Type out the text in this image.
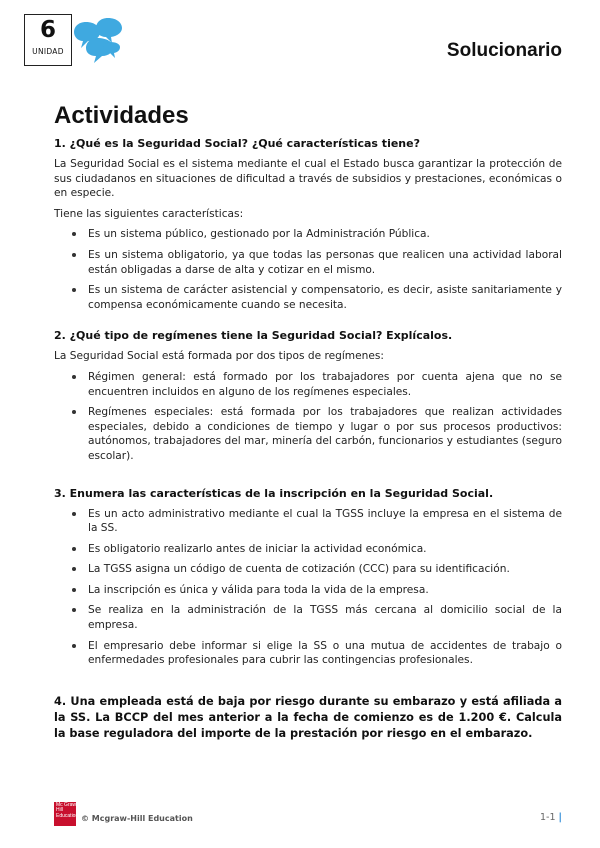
6
UNIDAD	Solucionario
Actividades
1. ¿Qué es la Seguridad Social? ¿Qué características tiene?

La Seguridad Social es el sistema mediante el cual el Estado busca garantizar la protección de sus ciudadanos en situaciones de dificultad a través de subsidios y prestaciones, económicas o en especie.

Tiene las siguientes características:

Es un sistema público, gestionado por la Administración Pública.
Es un sistema obligatorio, ya que todas las personas que realicen una actividad laboral están obligadas a darse de alta y cotizar en el mismo.
Es un sistema de carácter asistencial y compensatorio, es decir, asiste sanitariamente y compensa económicamente cuando se necesita.
2. ¿Qué tipo de regímenes tiene la Seguridad Social? Explícalos.

La Seguridad Social está formada por dos tipos de regímenes:

Régimen general: está formado por los trabajadores por cuenta ajena que no se encuentren incluidos en alguno de los regímenes especiales.
Regímenes especiales: está formada por los trabajadores que realizan actividades especiales, debido a condiciones de tiempo y lugar o por sus procesos productivos: autónomos, trabajadores del mar, minería del carbón, funcionarios y estudiantes (seguro escolar).
3. Enumera las características de la inscripción en la Seguridad Social.
Es un acto administrativo mediante el cual la TGSS incluye la empresa en el sistema de la SS.
Es obligatorio realizarlo antes de iniciar la actividad económica.
La TGSS asigna un código de cuenta de cotización (CCC) para su identificación.
La inscripción es única y válida para toda la vida de la empresa.
Se realiza en la administración de la TGSS más cercana al domicilio social de la empresa.
El empresario debe informar si elige la SS o una mutua de accidentes de trabajo o enfermedades profesionales para cubrir las contingencias profesionales.
4. Una empleada está de baja por riesgo durante su embarazo y está afiliada a la SS. La BCCP del mes anterior a la fecha de comienzo es de 1.200 €. Calcula la base reguladora del importe de la prestación por riesgo en el embarazo.
Mc Graw Hill Education © Mcgraw-Hill Education	1-1 |
